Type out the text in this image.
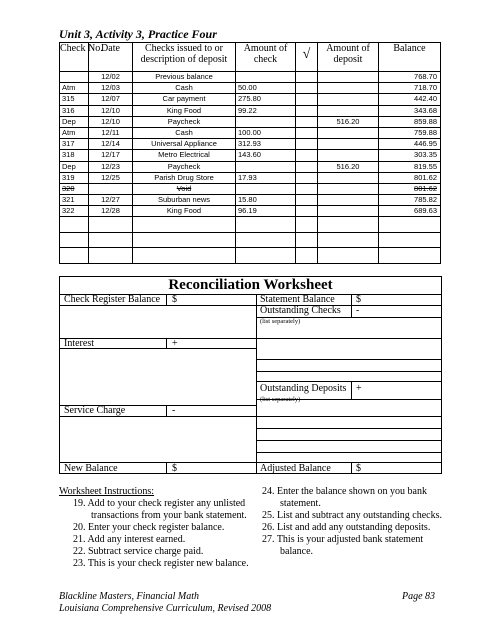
Unit 3, Activity 3, Practice Four
Check No.	Date	Checks issued to or description of deposit	Amount of check	√	Amount of deposit	Balance
	12/02	Previous balance				768.70
Atm	12/03	Cash	50.00			718.70
315	12/07	Car payment	275.80			442.40
316	12/10	King Food	99.22			343.68
Dep	12/10	Paycheck			516.20	859.88
Atm	12/11	Cash	100.00			759.88
317	12/14	Universal Appliance	312.93			446.95
318	12/17	Metro Electrical	143.60			303.35
Dep	12/23	Paycheck			516.20	819.55
319	12/25	Parish Drug Store	17.93			801.62
320		Void				801.62
321	12/27	Suburban news	15.80			785.82
322	12/28	King Food	96.19			689.63

Reconciliation Worksheet
Check Register Balance $	Statement Balance $
Outstanding Checks -
(list separately)
Interest	+
Outstanding Deposits +
(list separately)
Service Charge	-
New Balance	$	Adjusted Balance	$
Worksheet Instructions:
19. Add to your check register any unlisted
transactions from your bank statement.
20. Enter your check register balance.
21. Add any interest earned.
22. Subtract service charge paid.
23. This is your check register new balance.
24. Enter the balance shown on you bank
statement.
25. List and subtract any outstanding checks.
26. List and add any outstanding deposits.
27. This is your adjusted bank statement
balance.
Blackline Masters, Financial Math
Louisiana Comprehensive Curriculum, Revised 2008
Page 83
